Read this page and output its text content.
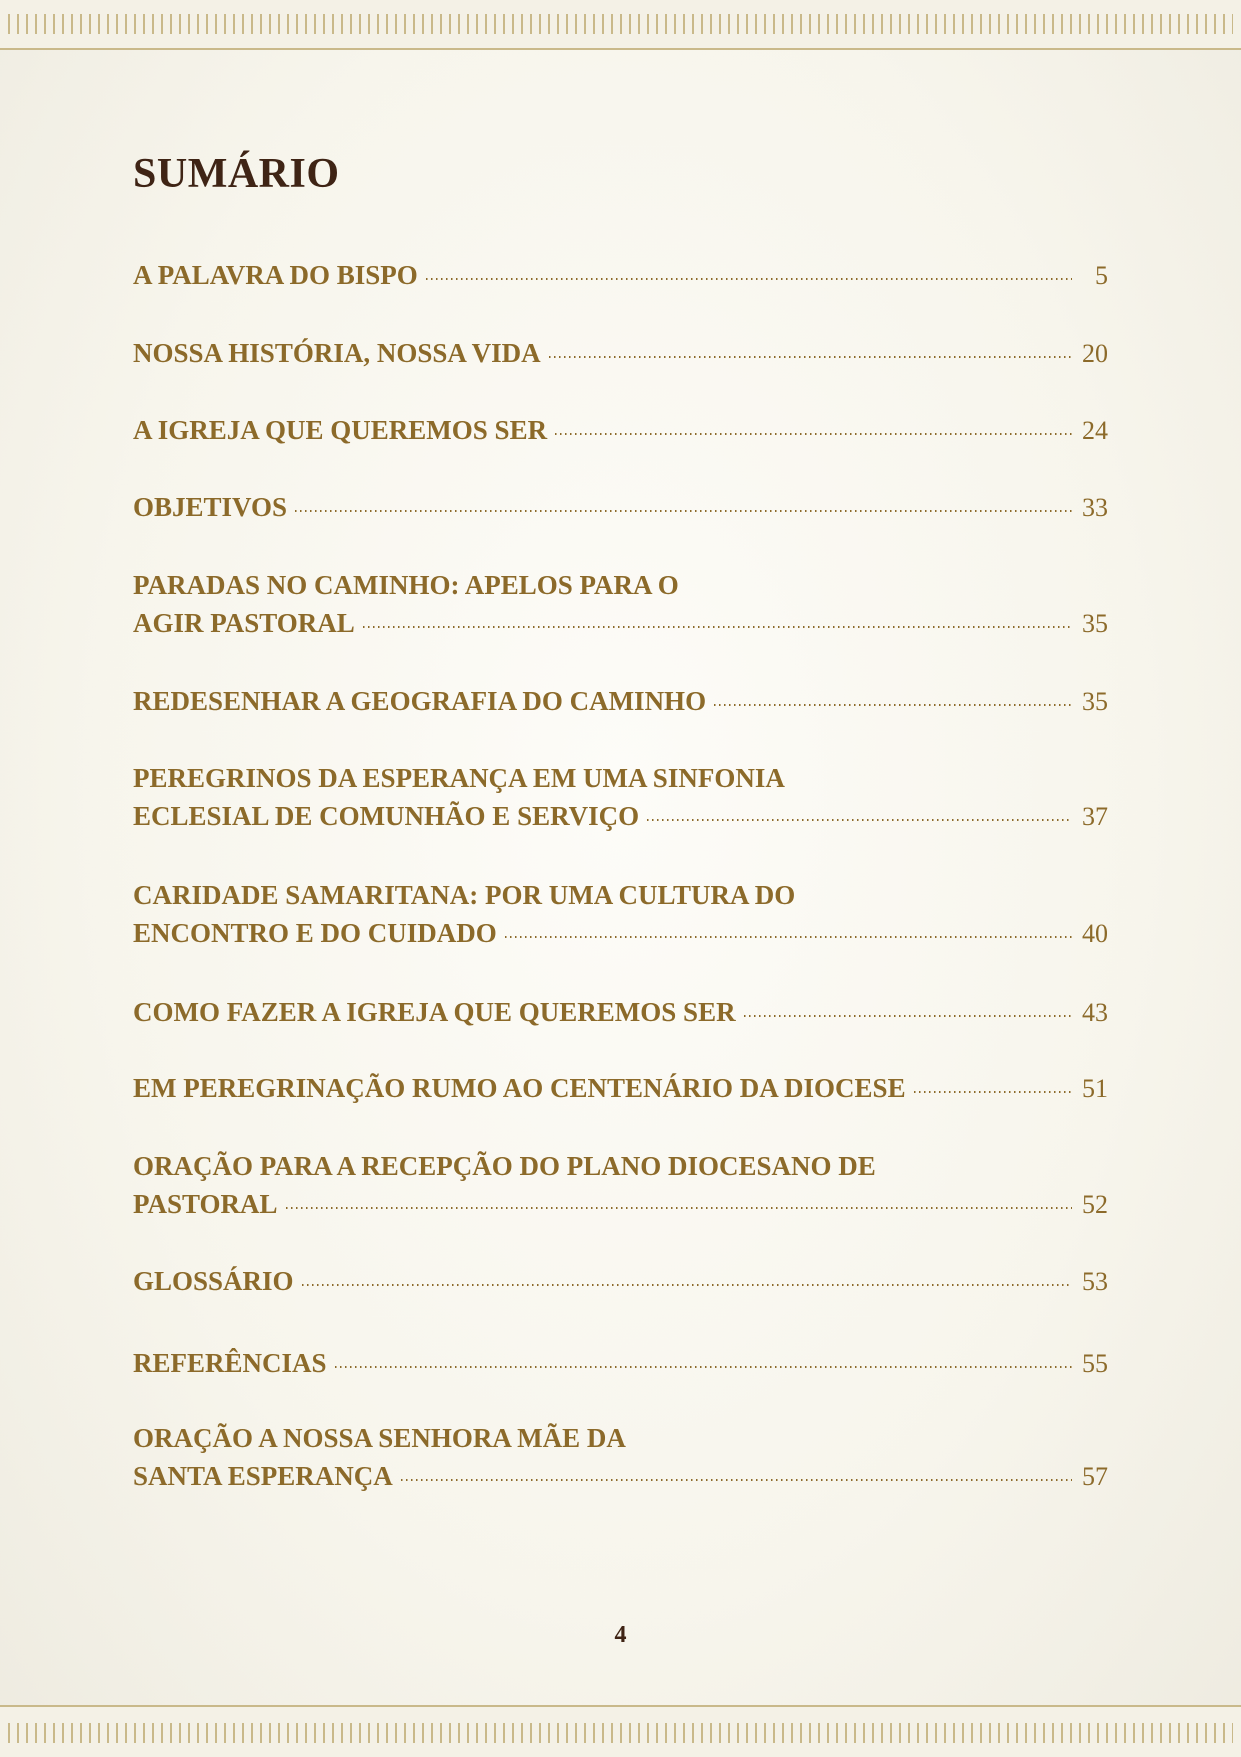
SUMÁRIO
A PALAVRA DO BISPO	5
NOSSA HISTÓRIA, NOSSA VIDA	20
A IGREJA QUE QUEREMOS SER	24
OBJETIVOS	33
PARADAS NO CAMINHO: APELOS PARA O
AGIR PASTORAL	35
REDESENHAR A GEOGRAFIA DO CAMINHO	35
PEREGRINOS DA ESPERANÇA EM UMA SINFONIA
ECLESIAL DE COMUNHÃO E SERVIÇO	37
CARIDADE SAMARITANA: POR UMA CULTURA DO
ENCONTRO E DO CUIDADO	40
COMO FAZER A IGREJA QUE QUEREMOS SER	43
EM PEREGRINAÇÃO RUMO AO CENTENÁRIO DA DIOCESE	51
ORAÇÃO PARA A RECEPÇÃO DO PLANO DIOCESANO DE
PASTORAL	52
GLOSSÁRIO	53
REFERÊNCIAS	55
ORAÇÃO A NOSSA SENHORA MÃE DA
SANTA ESPERANÇA	57
4
